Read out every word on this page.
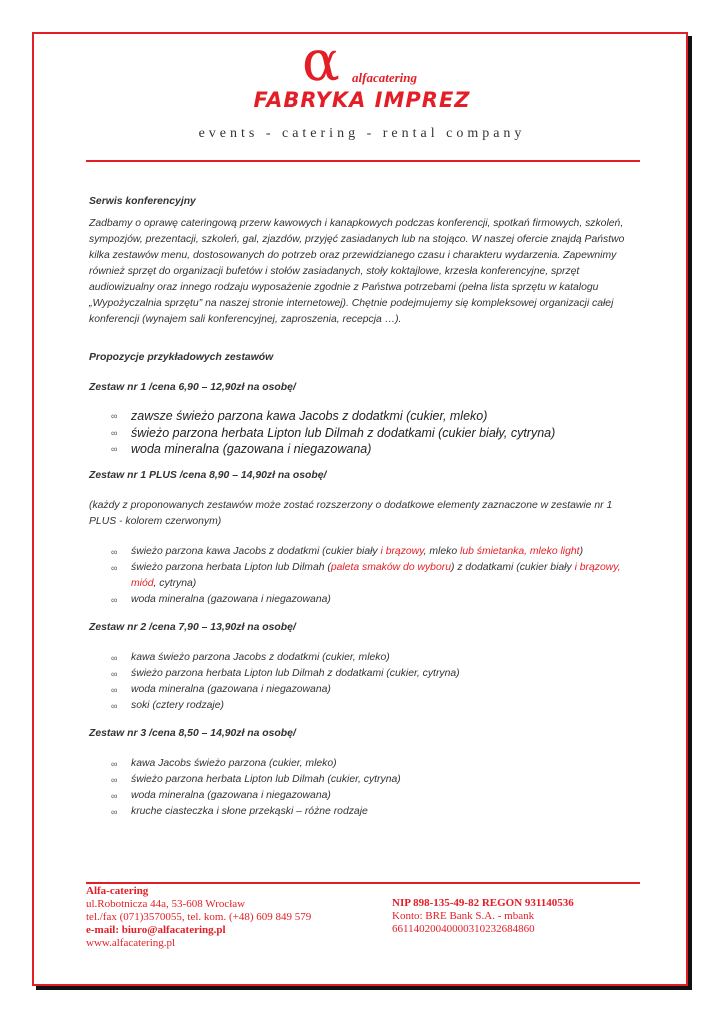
α alfacatering
FABRYKA IMPREZ
events - catering - rental company

Serwis konferencyjny

Zadbamy o oprawę cateringową przerw kawowych i kanapkowych podczas konferencji, spotkań firmowych, szkoleń, sympozjów, prezentacji, szkoleń, gal, zjazdów, przyjęć zasiadanych lub na stojąco. W naszej ofercie znajdą Państwo kilka zestawów menu, dostosowanych do potrzeb oraz przewidzianego czasu i charakteru wydarzenia. Zapewnimy również sprzęt do organizacji bufetów i stołów zasiadanych, stoły koktajlowe, krzesła konferencyjne, sprzęt audiowizualny oraz innego rodzaju wyposażenie zgodnie z Państwa potrzebami (pełna lista sprzętu w katalogu „Wypożyczalnia sprzętu” na naszej stronie internetowej). Chętnie podejmujemy się kompleksowej organizacji całej konferencji (wynajem sali konferencyjnej, zaproszenia, recepcja …).

Propozycje przykładowych zestawów

Zestaw nr 1 /cena 6,90 – 12,90zł na osobę/

∞ zawsze świeżo parzona kawa Jacobs z dodatkmi (cukier, mleko)
∞ świeżo parzona herbata Lipton lub Dilmah z dodatkami (cukier biały, cytryna)
∞ woda mineralna (gazowana i niegazowana)

Zestaw nr 1 PLUS /cena 8,90 – 14,90zł na osobę/

(każdy z proponowanych zestawów może zostać rozszerzony o dodatkowe elementy zaznaczone w zestawie nr 1 PLUS - kolorem czerwonym)

∞ świeżo parzona kawa Jacobs z dodatkmi (cukier biały i brązowy, mleko lub śmietanka, mleko light)
∞ świeżo parzona herbata Lipton lub Dilmah (paleta smaków do wyboru) z dodatkami (cukier biały i brązowy, miód, cytryna)
∞ woda mineralna (gazowana i niegazowana)

Zestaw nr 2 /cena 7,90 – 13,90zł na osobę/

∞ kawa świeżo parzona Jacobs z dodatkmi (cukier, mleko)
∞ świeżo parzona herbata Lipton lub Dilmah z dodatkami (cukier, cytryna)
∞ woda mineralna (gazowana i niegazowana)
∞ soki (cztery rodzaje)

Zestaw nr 3 /cena 8,50 – 14,90zł na osobę/

∞ kawa Jacobs świeżo parzona (cukier, mleko)
∞ świeżo parzona herbata Lipton lub Dilmah (cukier, cytryna)
∞ woda mineralna (gazowana i niegazowana)
∞ kruche ciasteczka i słone przekąski – różne rodzaje
Alfa-catering
ul.Robotnicza 44a, 53-608 Wrocław
tel./fax (071)3570055, tel. kom. (+48) 609 849 579
e-mail: biuro@alfacatering.pl
www.alfacatering.pl
NIP 898-135-49-82 REGON 931140536
Konto: BRE Bank S.A. - mbank
66114020040000310232684860
